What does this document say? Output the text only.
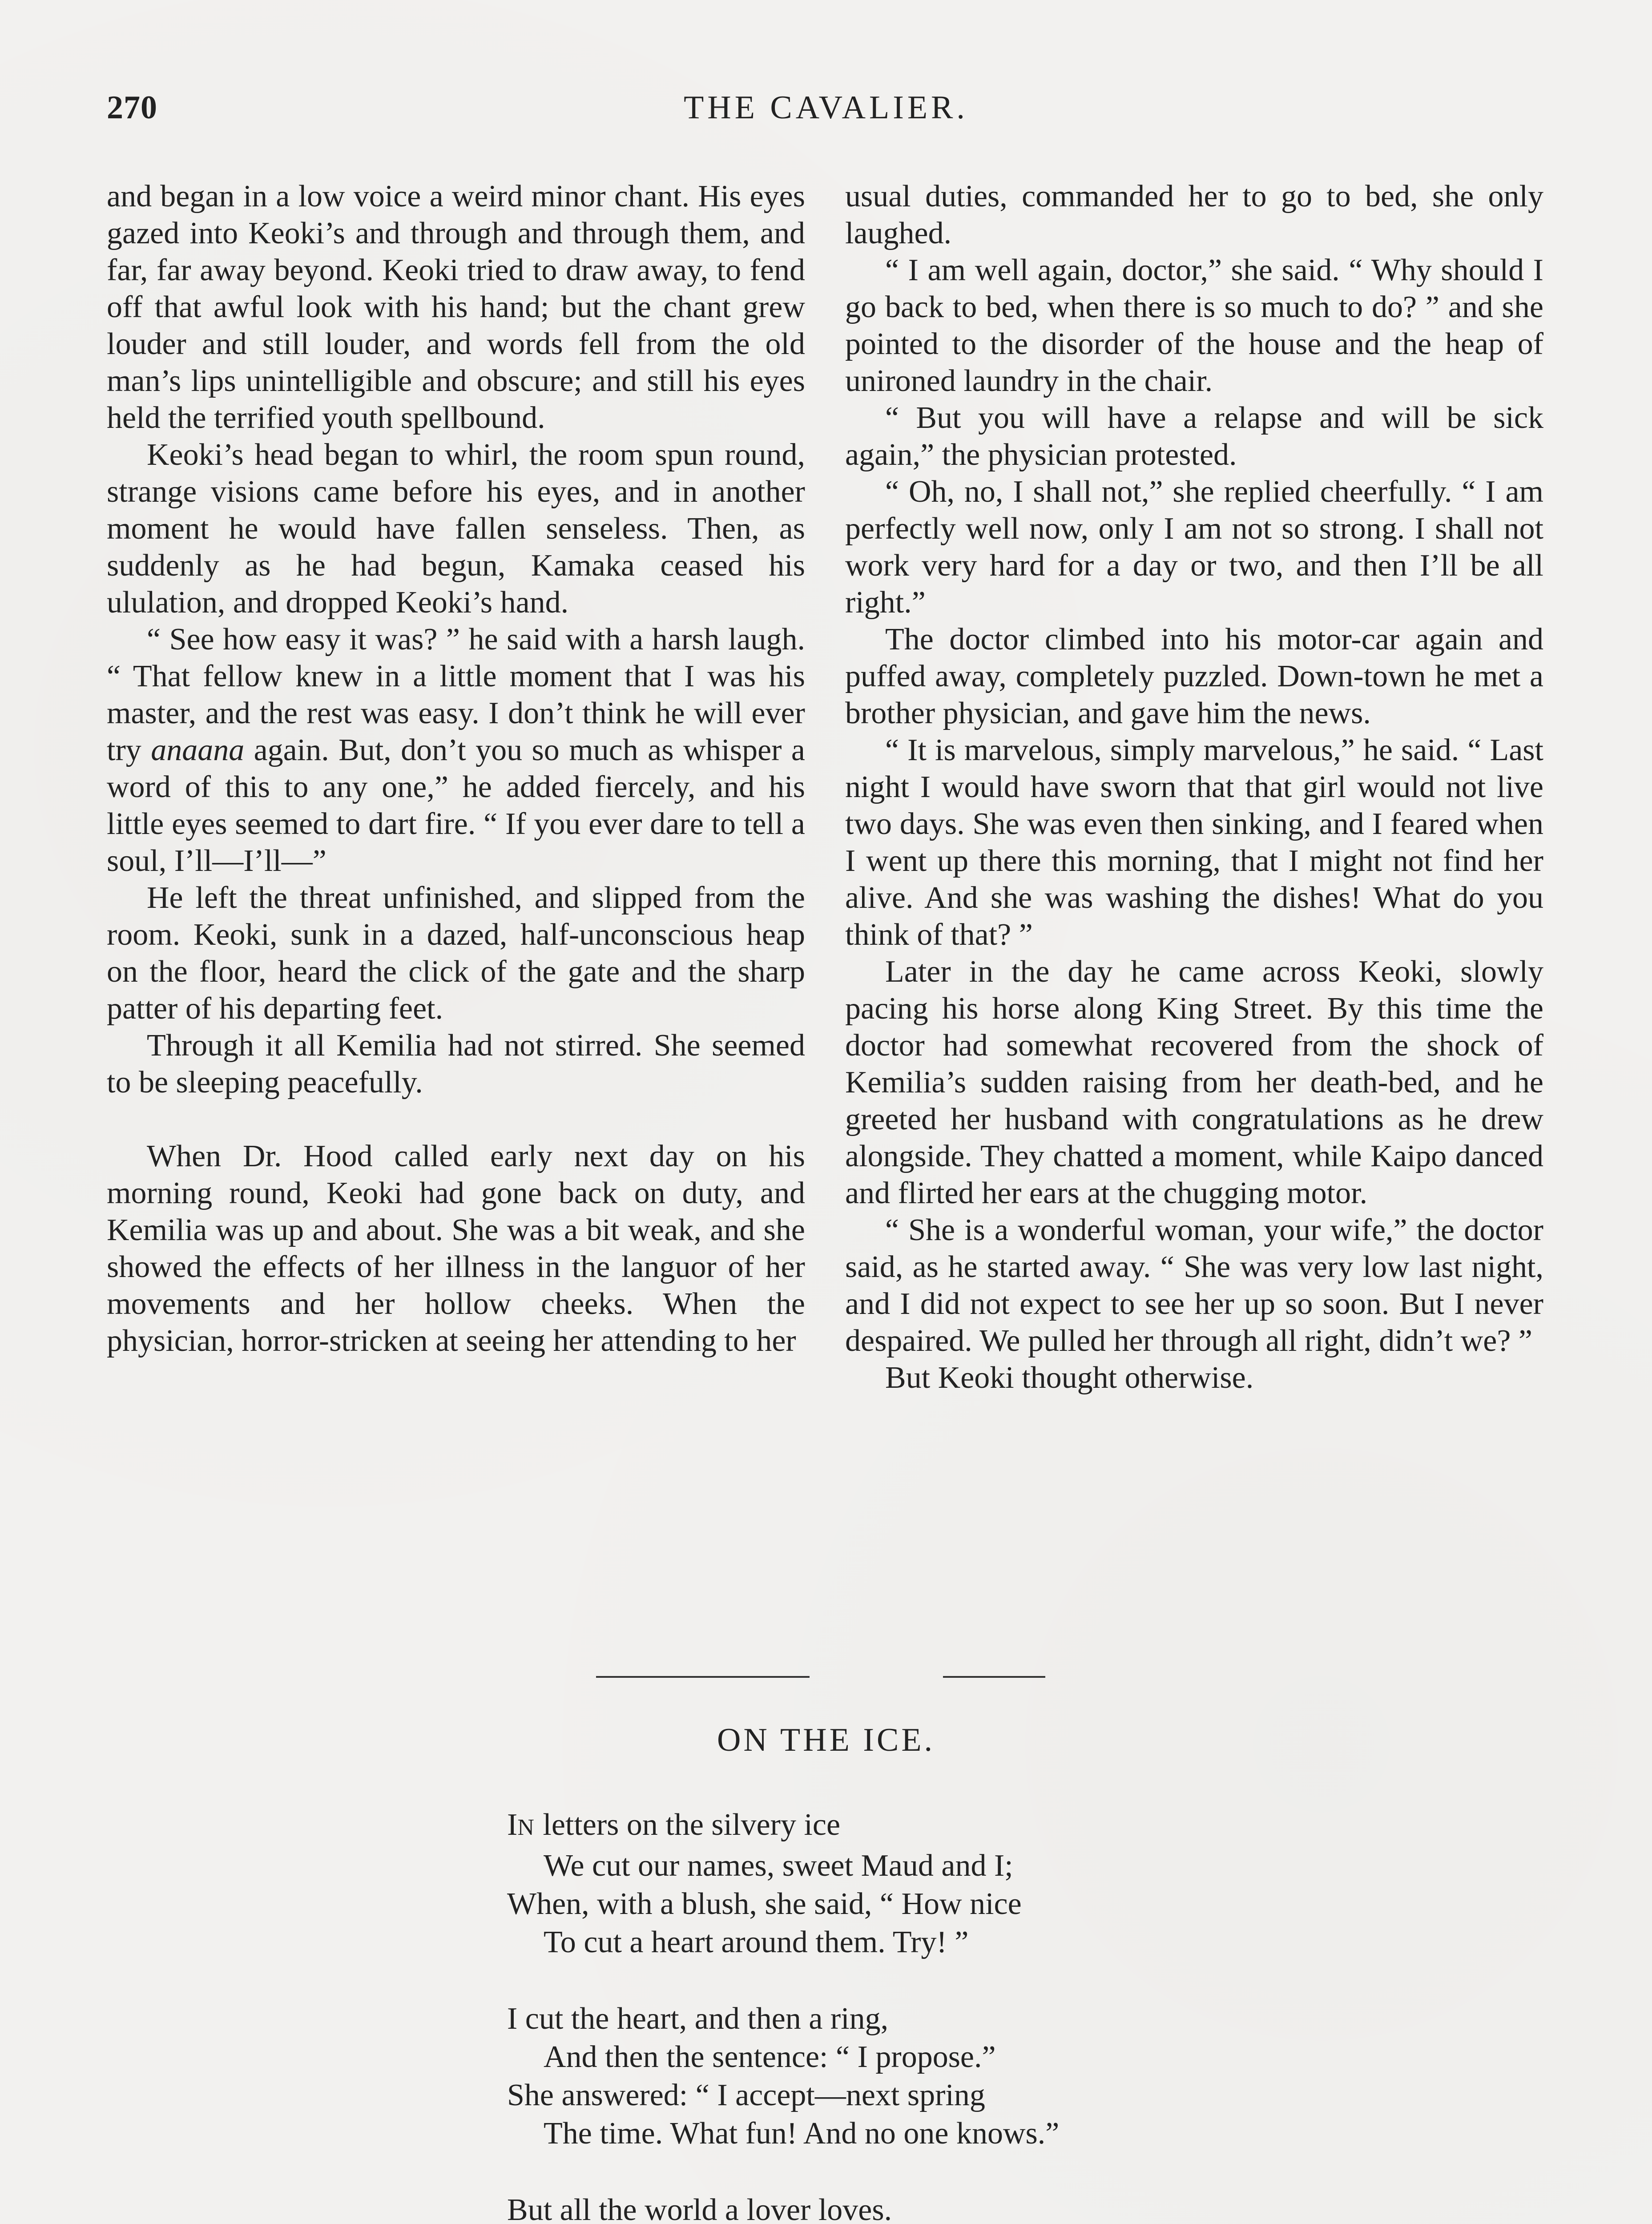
270	THE CAVALIER.

and began in a low voice a weird minor chant. His eyes gazed into Keoki’s and through and through them, and far, far away beyond. Keoki tried to draw away, to fend off that awful look with his hand; but the chant grew louder and still louder, and words fell from the old man’s lips unintelligible and obscure; and still his eyes held the terrified youth spellbound.

Keoki’s head began to whirl, the room spun round, strange visions came before his eyes, and in another moment he would have fallen senseless. Then, as suddenly as he had begun, Kamaka ceased his ululation, and dropped Keoki’s hand.

“ See how easy it was? ” he said with a harsh laugh. “ That fellow knew in a little moment that I was his master, and the rest was easy. I don’t think he will ever try anaana again. But, don’t you so much as whisper a word of this to any one,” he added fiercely, and his little eyes seemed to dart fire. “ If you ever dare to tell a soul, I’ll—I’ll—”

He left the threat unfinished, and slipped from the room. Keoki, sunk in a dazed, half-unconscious heap on the floor, heard the click of the gate and the sharp patter of his departing feet.

Through it all Kemilia had not stirred. She seemed to be sleeping peacefully.

When Dr. Hood called early next day on his morning round, Keoki had gone back on duty, and Kemilia was up and about. She was a bit weak, and she showed the effects of her illness in the languor of her movements and her hollow cheeks. When the physician, horror-stricken at seeing her attending to her

usual duties, commanded her to go to bed, she only laughed.

“ I am well again, doctor,” she said. “ Why should I go back to bed, when there is so much to do? ” and she pointed to the disorder of the house and the heap of unironed laundry in the chair.

“ But you will have a relapse and will be sick again,” the physician protested.

“ Oh, no, I shall not,” she replied cheerfully. “ I am perfectly well now, only I am not so strong. I shall not work very hard for a day or two, and then I’ll be all right.”

The doctor climbed into his motor-car again and puffed away, completely puzzled. Down-town he met a brother physician, and gave him the news.

“ It is marvelous, simply marvelous,” he said. “ Last night I would have sworn that that girl would not live two days. She was even then sinking, and I feared when I went up there this morning, that I might not find her alive. And she was washing the dishes! What do you think of that? ”

Later in the day he came across Keoki, slowly pacing his horse along King Street. By this time the doctor had somewhat recovered from the shock of Kemilia’s sudden raising from her death-bed, and he greeted her husband with congratulations as he drew alongside. They chatted a moment, while Kaipo danced and flirted her ears at the chugging motor.

“ She is a wonderful woman, your wife,” the doctor said, as he started away. “ She was very low last night, and I did not expect to see her up so soon. But I never despaired. We pulled her through all right, didn’t we? ”

But Keoki thought otherwise.

ON THE ICE.
IN letters on the silvery ice
We cut our names, sweet Maud and I;
When, with a blush, she said, “ How nice
To cut a heart around them. Try! ”
I cut the heart, and then a ring,
And then the sentence: “ I propose.”
She answered: “ I accept—next spring
The time. What fun! And no one knows.”
But all the world a lover loves.
